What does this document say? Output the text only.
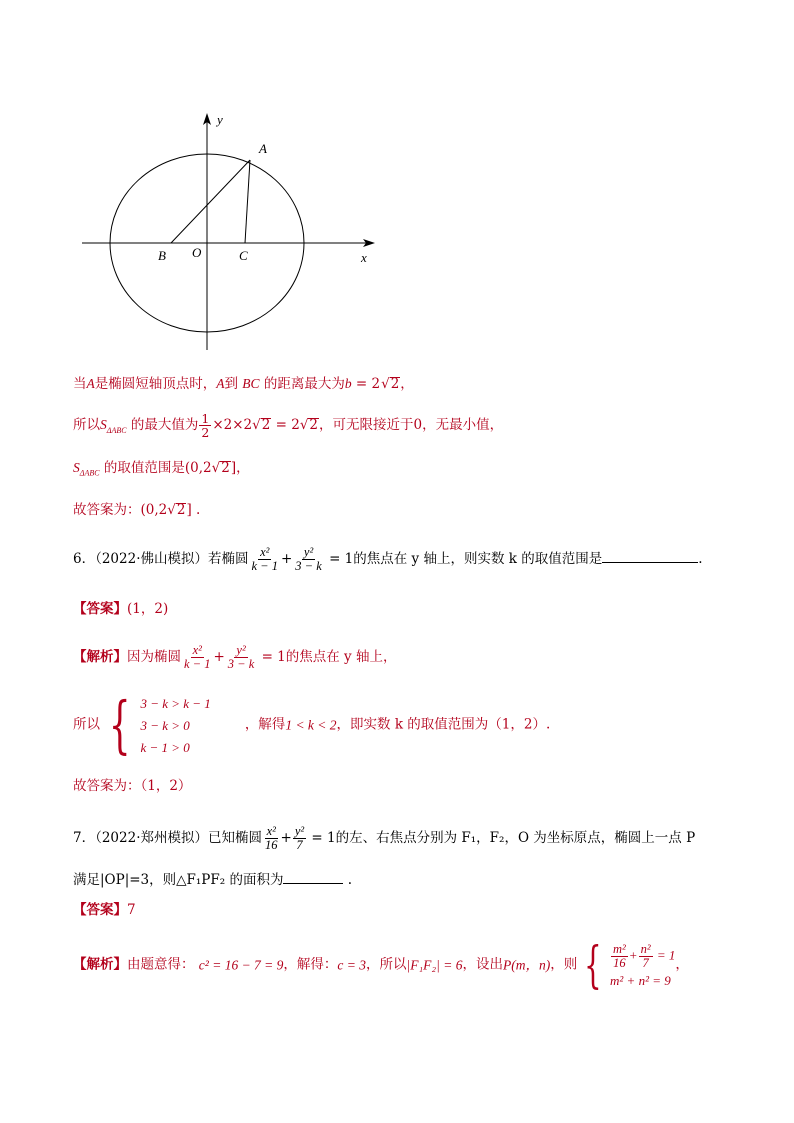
y
A
B O	C	x
当A是椭圆短轴顶点时，A到 BC 的距离最大为b = 2√2，
所以$S_{\Delta ABC}$ 的最大值为 $\frac{1}{2} \times 2\times 2√2 = 2√2$，可无限接近于0，无最小值，
$S_{\Delta ABC}$ 的取值范围是(0,2√2]，
故答案为：(0,2√2] .
6．（2022·佛山模拟）若椭圆 $\frac{\text{x²}}{k - 1} + \frac{\text{y²}}{3 - k} = 1$的焦点在 y 轴上，则实数 k 的取值范围是	.
【答案】(1，2)
【解析】因为椭圆 $\frac{\text{x²}}{k - 1} + \frac{\text{y²}}{3 - k} = 1$的焦点在 y 轴上，
所以 { 3 − k > k − 1
3 − k > 0
k − 1 > 0
，解得1 < k < 2，即实数 k 的取值范围为（1，2）.
故答案为：（1，2）
7．（2022·郑州模拟）已知椭圆 $\frac{\text{x²}}{16} + \frac{\text{y²}}{7} = 1$的左、右焦点分别为 F₁，F₂，O 为坐标原点，椭圆上一点 P
满足|OP|=3，则△F₁PF₂ 的面积为	.
【答案】7
【解析】由题意得： c² = 16 − 7 = 9，解得：c = 3，所以|F₁F₂| = 6，设出P(m，n)，则 { $\frac{\text{m²}}{16} + \frac{\text{n²}}{7} = 1$
m² + n² = 9
，
